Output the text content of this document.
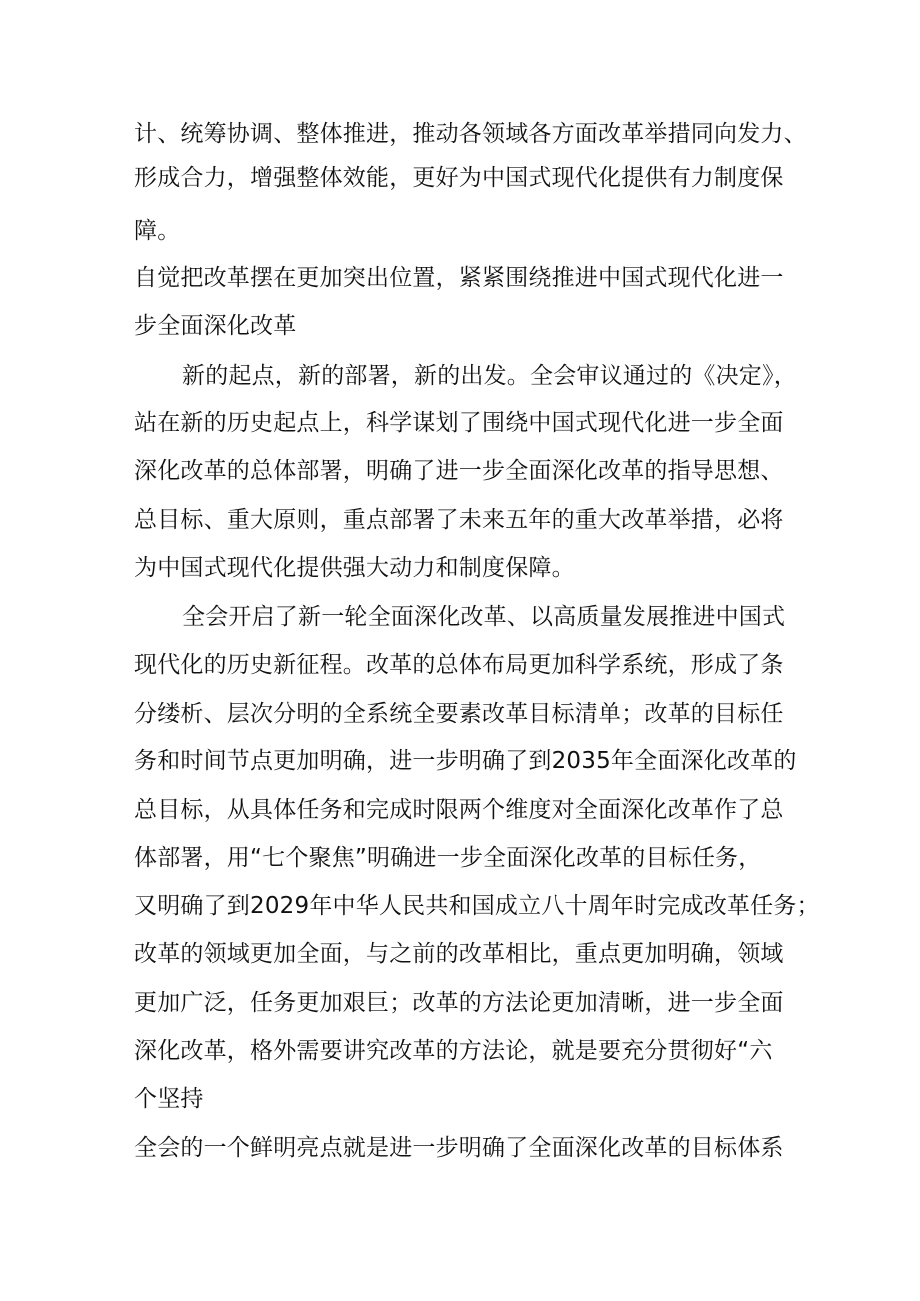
计、统筹协调、整体推进，推动各领域各方面改革举措同向发力、
形成合力，增强整体效能，更好为中国式现代化提供有力制度保
障。
自觉把改革摆在更加突出位置，紧紧围绕推进中国式现代化进一
步全面深化改革
新的起点，新的部署，新的出发。全会审议通过的《决定》，
站在新的历史起点上，科学谋划了围绕中国式现代化进一步全面
深化改革的总体部署，明确了进一步全面深化改革的指导思想、
总目标、重大原则，重点部署了未来五年的重大改革举措，必将
为中国式现代化提供强大动力和制度保障。
全会开启了新一轮全面深化改革、以高质量发展推进中国式
现代化的历史新征程。改革的总体布局更加科学系统，形成了条
分缕析、层次分明的全系统全要素改革目标清单；改革的目标任
务和时间节点更加明确，进一步明确了到2035年全面深化改革的
总目标，从具体任务和完成时限两个维度对全面深化改革作了总
体部署，用“七个聚焦”明确进一步全面深化改革的目标任务，
又明确了到2029年中华人民共和国成立八十周年时完成改革任务；
改革的领域更加全面，与之前的改革相比，重点更加明确，领域
更加广泛，任务更加艰巨；改革的方法论更加清晰，进一步全面
深化改革，格外需要讲究改革的方法论，就是要充分贯彻好“六
个坚持
全会的一个鲜明亮点就是进一步明确了全面深化改革的目标体系
